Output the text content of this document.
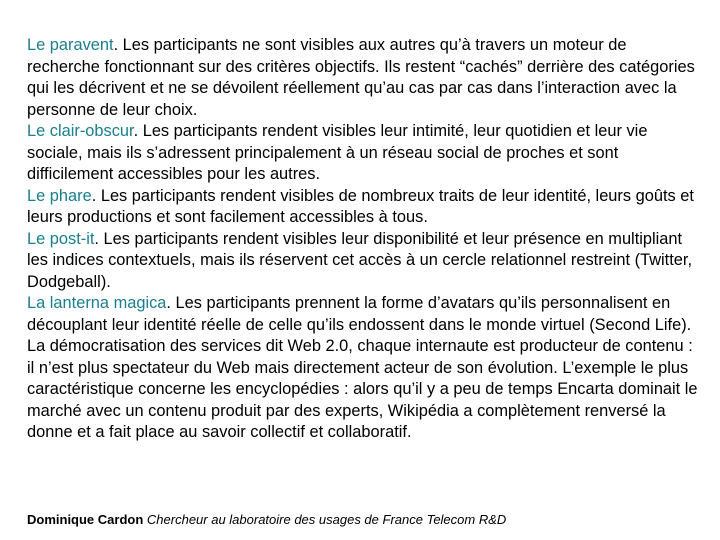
Le paravent. Les participants ne sont visibles aux autres qu’à travers un moteur de recherche fonctionnant sur des critères objectifs. Ils restent “cachés” derrière des catégories qui les décrivent et ne se dévoilent réellement qu’au cas par cas dans l’interaction avec la personne de leur choix.

Le clair-obscur. Les participants rendent visibles leur intimité, leur quotidien et leur vie sociale, mais ils s’adressent principalement à un réseau social de proches et sont difficilement accessibles pour les autres.

Le phare. Les participants rendent visibles de nombreux traits de leur identité, leurs goûts et leurs productions et sont facilement accessibles à tous.

Le post-it. Les participants rendent visibles leur disponibilité et leur présence en multipliant les indices contextuels, mais ils réservent cet accès à un cercle relationnel restreint (Twitter, Dodgeball).

La lanterna magica. Les participants prennent la forme d’avatars qu’ils personnalisent en découplant leur identité réelle de celle qu’ils endossent dans le monde virtuel (Second Life).

La démocratisation des services dit Web 2.0, chaque internaute est producteur de contenu : il n’est plus spectateur du Web mais directement acteur de son évolution. L’exemple le plus caractéristique concerne les encyclopédies : alors qu’il y a peu de temps Encarta dominait le marché avec un contenu produit par des experts, Wikipédia a complètement renversé la donne et a fait place au savoir collectif et collaboratif.

Dominique Cardon Chercheur au laboratoire des usages de France Telecom R&D
